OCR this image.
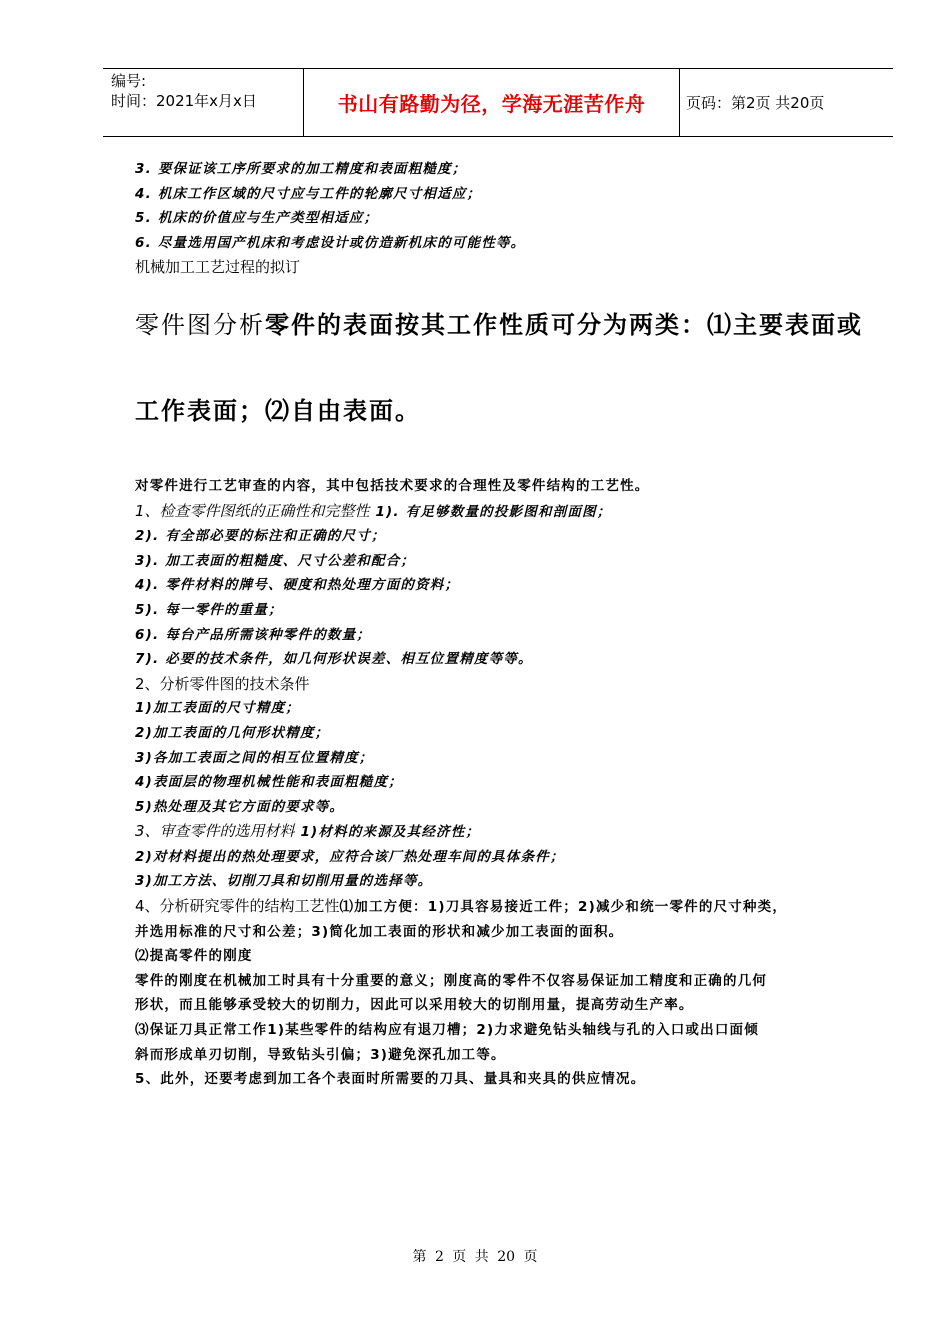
编号:
时间：2021年x月x日	书山有路勤为径，学海无涯苦作舟	页码：第2页 共20页
3. 要保证该工序所要求的加工精度和表面粗糙度；
4. 机床工作区域的尺寸应与工件的轮廓尺寸相适应；
5. 机床的价值应与生产类型相适应；
6. 尽量选用国产机床和考虑设计或仿造新机床的可能性等。
机械加工工艺过程的拟订
零件图分析零件的表面按其工作性质可分为两类：⑴主要表面或
工作表面；⑵自由表面。
对零件进行工艺审查的内容，其中包括技术要求的合理性及零件结构的工艺性。
1、检查零件图纸的正确性和完整性 1). 有足够数量的投影图和剖面图；
2). 有全部必要的标注和正确的尺寸；
3). 加工表面的粗糙度、尺寸公差和配合；
4). 零件材料的牌号、硬度和热处理方面的资料；
5). 每一零件的重量；
6). 每台产品所需该种零件的数量；
7). 必要的技术条件，如几何形状误差、相互位置精度等等。
2、分析零件图的技术条件
1)加工表面的尺寸精度；
2)加工表面的几何形状精度；
3)各加工表面之间的相互位置精度；
4)表面层的物理机械性能和表面粗糙度；
5)热处理及其它方面的要求等。
3、审查零件的选用材料 1)材料的来源及其经济性；
2)对材料提出的热处理要求，应符合该厂热处理车间的具体条件；
3)加工方法、切削刀具和切削用量的选择等。
4、分析研究零件的结构工艺性⑴加工方便：1)刀具容易接近工件；2)减少和统一零件的尺寸种类，
并选用标准的尺寸和公差；3)简化加工表面的形状和减少加工表面的面积。
⑵提高零件的刚度
零件的刚度在机械加工时具有十分重要的意义；刚度高的零件不仅容易保证加工精度和正确的几何
形状，而且能够承受较大的切削力，因此可以采用较大的切削用量，提高劳动生产率。
⑶保证刀具正常工作1)某些零件的结构应有退刀槽；2)力求避免钻头轴线与孔的入口或出口面倾
斜而形成单刃切削，导致钻头引偏；3)避免深孔加工等。
5、此外，还要考虑到加工各个表面时所需要的刀具、量具和夹具的供应情况。
第 2 页 共 20 页
